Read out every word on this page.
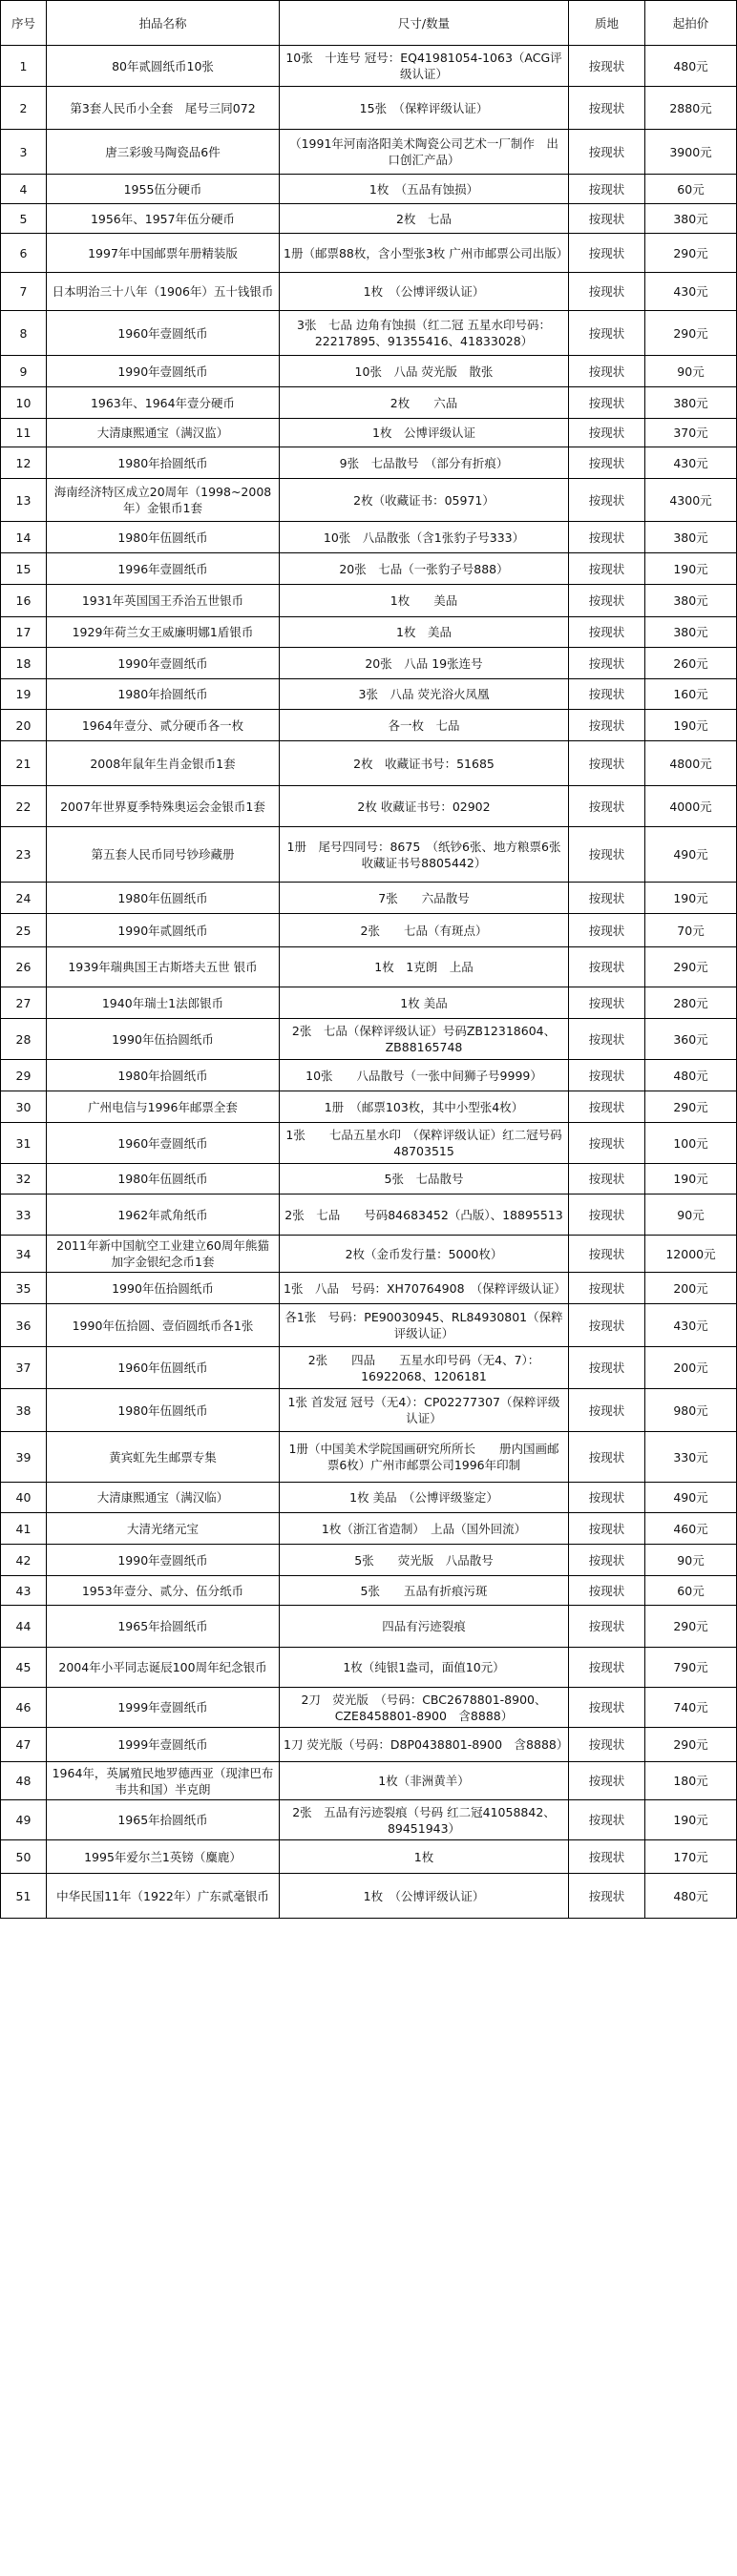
序号	拍品名称	尺寸/数量	质地	起拍价
1	80年贰圆纸币10张	10张　十连号 冠号：EQ41981054-1063（ACG评级认证）	按现状	480元
2	第3套人民币小全套　尾号三同072	15张　（保粹评级认证）	按现状	2880元
3	唐三彩骏马陶瓷品6件	（1991年河南洛阳美术陶瓷公司艺术一厂制作　出口创汇产品）	按现状	3900元
4	1955伍分硬币	1枚　（五品有蚀损）	按现状	60元
5	1956年、1957年伍分硬币	2枚　七品	按现状	380元
6	1997年中国邮票年册精装版	1册（邮票88枚，含小型张3枚 广州市邮票公司出版）	按现状	290元
7	日本明治三十八年（1906年）五十钱银币	1枚　（公博评级认证）	按现状	430元
8	1960年壹圆纸币	3张　七品 边角有蚀损（红二冠 五星水印号码：22217895、91355416、41833028）	按现状	290元
9	1990年壹圆纸币	10张　八品 荧光版　散张	按现状	90元
10	1963年、1964年壹分硬币	2枚　　六品	按现状	380元
11	大清康熙通宝（满汉监）	1枚　公博评级认证	按现状	370元
12	1980年拾圆纸币	9张　七品散号　（部分有折痕）	按现状	430元
13	海南经济特区成立20周年（1998~2008年）金银币1套	2枚（收藏证书：05971）	按现状	4300元
14	1980年伍圆纸币	10张　八品散张（含1张豹子号333）	按现状	380元
15	1996年壹圆纸币	20张　七品（一张豹子号888）	按现状	190元
16	1931年英国国王乔治五世银币	1枚　　美品	按现状	380元
17	1929年荷兰女王威廉明娜1盾银币	1枚　美品	按现状	380元
18	1990年壹圆纸币	20张　八品 19张连号	按现状	260元
19	1980年拾圆纸币	3张　八品 荧光浴火凤凰	按现状	160元
20	1964年壹分、贰分硬币各一枚	各一枚　七品	按现状	190元
21	2008年鼠年生肖金银币1套	2枚　收藏证书号：51685	按现状	4800元
22	2007年世界夏季特殊奥运会金银币1套	2枚 收藏证书号：02902	按现状	4000元
23	第五套人民币同号钞珍藏册	1册　尾号四同号：8675　（纸钞6张、地方粮票6张　收藏证书号8805442）	按现状	490元
24	1980年伍圆纸币	7张　　六品散号	按现状	190元
25	1990年贰圆纸币	2张　　七品（有斑点）	按现状	70元
26	1939年瑞典国王古斯塔夫五世 银币	1枚　1克朗　上品	按现状	290元
27	1940年瑞士1法郎银币	1枚 美品	按现状	280元
28	1990年伍拾圆纸币	2张　七品（保粹评级认证）号码ZB12318604、ZB88165748	按现状	360元
29	1980年拾圆纸币	10张　　八品散号（一张中间狮子号9999）	按现状	480元
30	广州电信与1996年邮票全套	1册　（邮票103枚，其中小型张4枚）	按现状	290元
31	1960年壹圆纸币	1张　　七品五星水印　（保粹评级认证）红二冠号码48703515	按现状	100元
32	1980年伍圆纸币	5张　七品散号	按现状	190元
33	1962年贰角纸币	2张　七品　　号码84683452（凸版）、18895513	按现状	90元
34	2011年新中国航空工业建立60周年熊猫加字金银纪念币1套	2枚（金币发行量：5000枚）	按现状	12000元
35	1990年伍拾圆纸币	1张　八品　号码：XH70764908　（保粹评级认证）	按现状	200元
36	1990年伍拾圆、壹佰圆纸币各1张	各1张　号码：PE90030945、RL84930801（保粹评级认证）	按现状	430元
37	1960年伍圆纸币	2张　　四品　　五星水印号码（无4、7）：16922068、1206181	按现状	200元
38	1980年伍圆纸币	1张 首发冠 冠号（无4）：CP02277307（保粹评级认证）	按现状	980元
39	黄宾虹先生邮票专集	1册（中国美术学院国画研究所所长　　册内国画邮票6枚）广州市邮票公司1996年印制	按现状	330元
40	大清康熙通宝（满汉临）	1枚 美品　（公博评级鉴定）	按现状	490元
41	大清光绪元宝	1枚（浙江省造制）　上品（国外回流）	按现状	460元
42	1990年壹圆纸币	5张　　荧光版　八品散号	按现状	90元
43	1953年壹分、贰分、伍分纸币	5张　　五品有折痕污斑	按现状	60元
44	1965年拾圆纸币	四品有污迹裂痕	按现状	290元
45	2004年小平同志诞辰100周年纪念银币	1枚（纯银1盎司，面值10元）	按现状	790元
46	1999年壹圆纸币	2刀　荧光版　（号码：CBC2678801-8900、CZE8458801-8900　含8888）	按现状	740元
47	1999年壹圆纸币	1刀 荧光版（号码：D8P0438801-8900　含8888）	按现状	290元
48	1964年，英属殖民地罗德西亚（现津巴布韦共和国）半克朗	1枚（非洲黄羊）	按现状	180元
49	1965年拾圆纸币	2张　五品有污迹裂痕（号码 红二冠41058842、89451943）	按现状	190元
50	1995年爱尔兰1英镑（麋鹿）	1枚	按现状	170元
51	中华民国11年（1922年）广东贰毫银币	1枚　（公博评级认证）	按现状	480元
